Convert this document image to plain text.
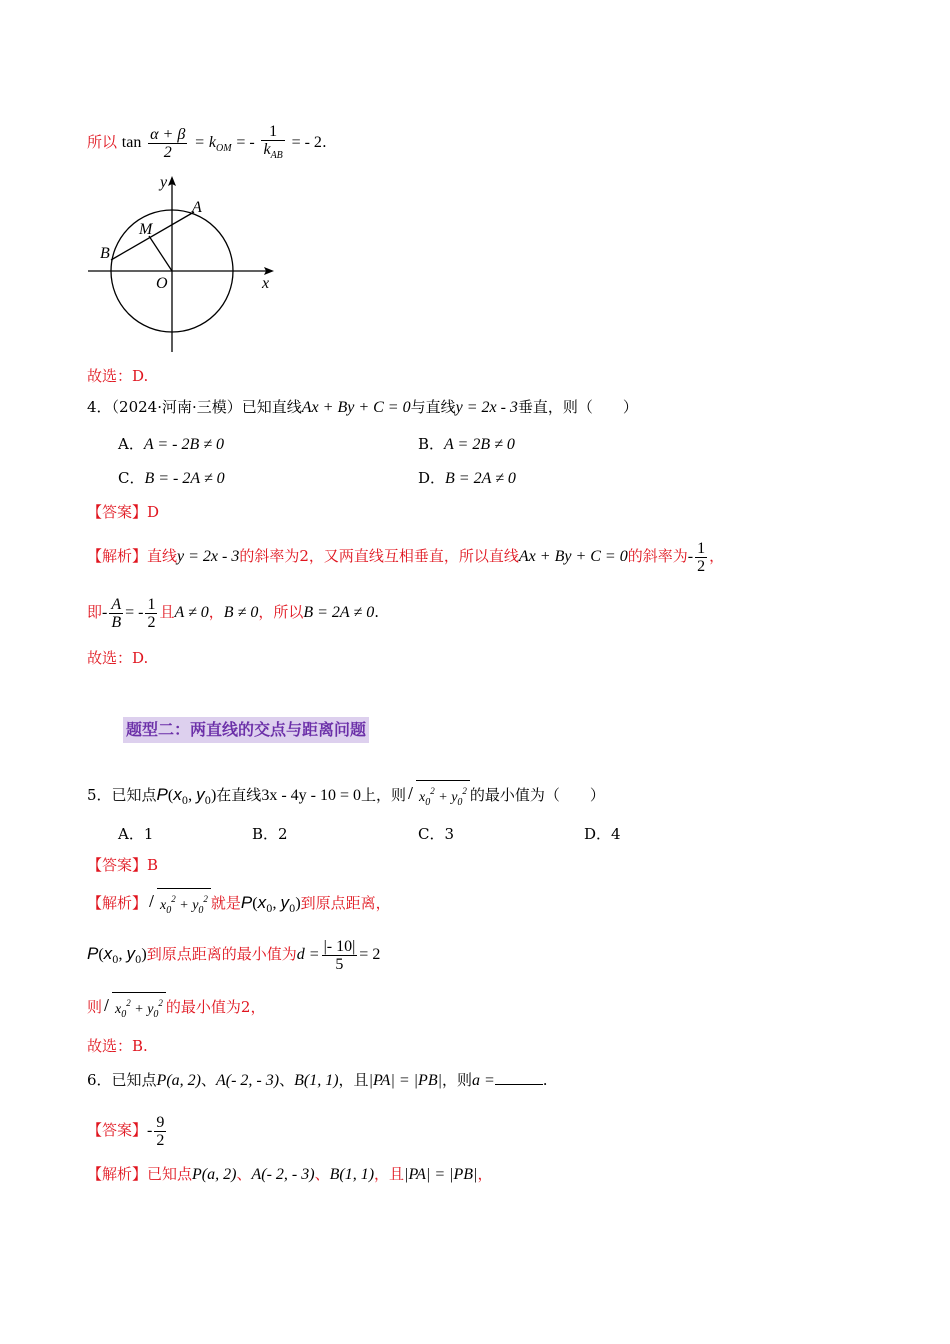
所以 $\tan \frac{\alpha + \beta}{2} = k_{OM}$ = - $\frac{1}{k_{AB}}$ = - 2.
y
x
A
B
M
O
故选：D.
4．（2024·河南·三模）已知直线Ax + By + C = 0与直线y = 2x - 3垂直，则（　　）
A．A = - 2B ≠ 0	B．A = 2B ≠ 0
C．B = - 2A ≠ 0	D．B = 2A ≠ 0
【答案】D
【解析】直线y = 2x - 3的斜率为2，又两直线互相垂直，所以直线Ax + By + C = 0的斜率为- $\frac{1}{2}$ ，
即- $\frac{A}{B}$ = - $\frac{1}{2}$ 且A ≠ 0，B ≠ 0，所以B = 2A ≠ 0.
故选：D.
题型二：两直线的交点与距离问题
5．已知点$P(x_0$, $y_0$)在直线3x - 4y - 10 = 0上，则 $x_0^2 + y_0^2$ 的最小值为（　　）
A．1	B．2	C．3	D．4
【答案】B
【解析】 $x_0^2 + y_0^2$ 就是$P(x_0$, $y_0$)到原点距离，
$P(x_0$, $y_0$)到原点距离的最小值为$d = \frac{|- 10|}{5} = 2$
则 $x_0^2 + y_0^2$ 的最小值为2，
故选：B.
6．已知点P(a, 2)、A(- 2, - 3)、B(1, 1)，且|PA| = |PB|，则a =	.
【答案】- $\frac{9}{2}$
【解析】已知点P(a, 2)、A(- 2, - 3)、B(1, 1)，且|PA| = |PB|，
